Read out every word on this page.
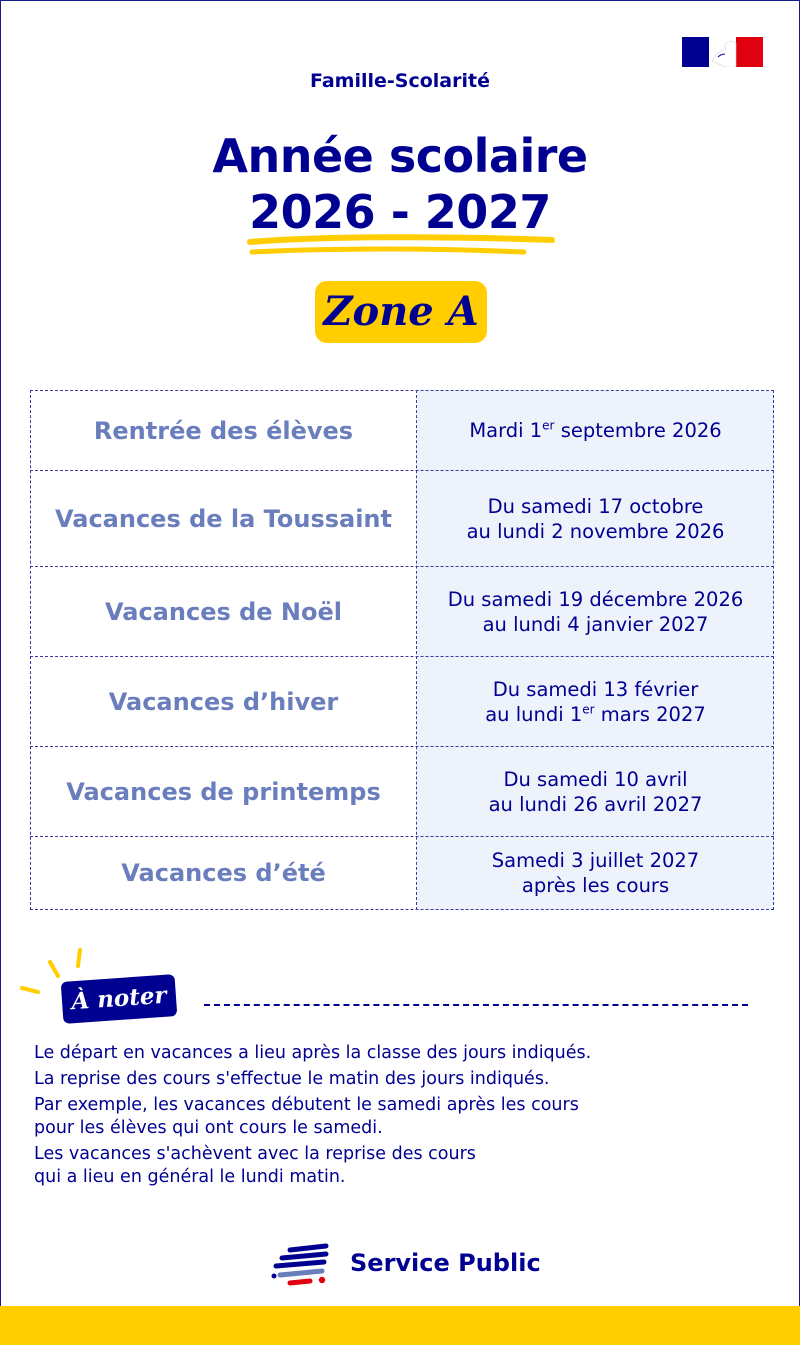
Famille-Scolarité
Année scolaire
2026 - 2027
Zone A
Rentrée des élèves	Mardi 1er septembre 2026
Vacances de la Toussaint	Du samedi 17 octobre
au lundi 2 novembre 2026
Vacances de Noël	Du samedi 19 décembre 2026
au lundi 4 janvier 2027
Vacances d’hiver	Du samedi 13 février
au lundi 1er mars 2027
Vacances de printemps	Du samedi 10 avril
au lundi 26 avril 2027
Vacances d’été	Samedi 3 juillet 2027
après les cours
À noter

Le départ en vacances a lieu après la classe des jours indiqués.

La reprise des cours s'effectue le matin des jours indiqués.

Par exemple, les vacances débutent le samedi après les cours
pour les élèves qui ont cours le samedi.

Les vacances s'achèvent avec la reprise des cours
qui a lieu en général le lundi matin.

Service Public
